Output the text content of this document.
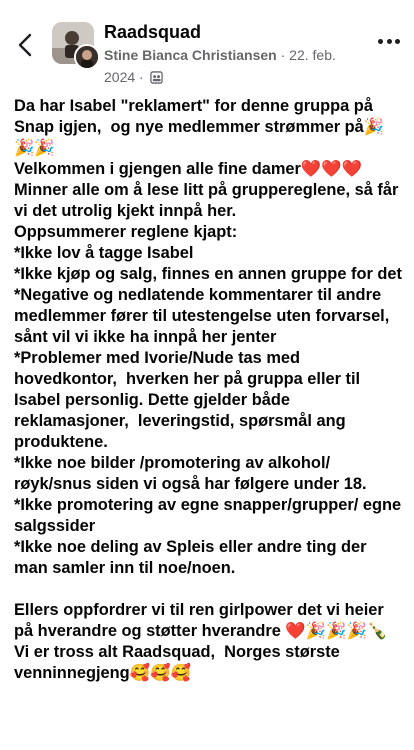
Raadsquad
Stine Bianca Christiansen · 22. feb. 2024 ·

Da har Isabel "reklamert" for denne gruppa på Snap igjen,  og nye medlemmer strømmer på🎉🎉🎉

Velkommen i gjengen alle fine damer❤️❤️❤️

Minner alle om å lese litt på gruppereglene, så får vi det utrolig kjekt innpå her.

Oppsummerer reglene kjapt:

*Ikke lov å tagge Isabel

*Ikke kjøp og salg, finnes en annen gruppe for det

*Negative og nedlatende kommentarer til andre medlemmer fører til utestengelse uten forvarsel, sånt vil vi ikke ha innpå her jenter

*Problemer med Ivorie/Nude tas med hovedkontor,  hverken her på gruppa eller til Isabel personlig. Dette gjelder både reklamasjoner,  leveringstid, spørsmål ang produktene.

*Ikke noe bilder /promotering av alkohol/ røyk/snus siden vi også har følgere under 18.

*Ikke promotering av egne snapper/grupper/ egne salgssider

*Ikke noe deling av Spleis eller andre ting der man samler inn til noe/noen.

Ellers oppfordrer vi til ren girlpower det vi heier på hverandre og støtter hverandre ❤️🎉🎉🎉🍾

Vi er tross alt Raadsquad,  Norges største venninnegjeng🥰🥰🥰
